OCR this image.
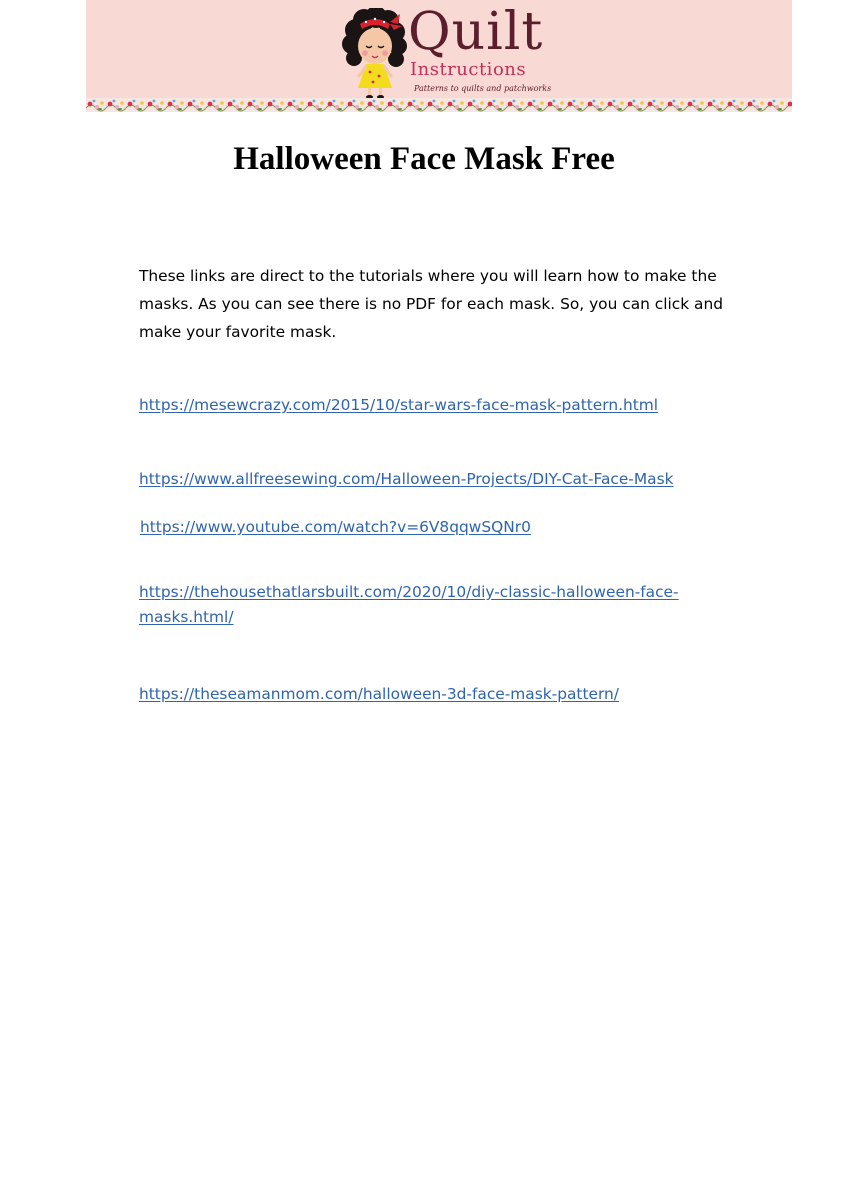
Quilt
Instructions
Patterns to quilts and patchworks
Halloween Face Mask Free

These links are direct to the tutorials where you will learn how to make the masks. As you can see there is no PDF for each mask. So, you can click and make your favorite mask.

https://mesewcrazy.com/2015/10/star-wars-face-mask-pattern.html
https://www.allfreesewing.com/Halloween-Projects/DIY-Cat-Face-Mask
https://www.youtube.com/watch?v=6V8qqwSQNr0
https://thehousethatlarsbuilt.com/2020/10/diy-classic-halloween-face-masks.html/
https://theseamanmom.com/halloween-3d-face-mask-pattern/
